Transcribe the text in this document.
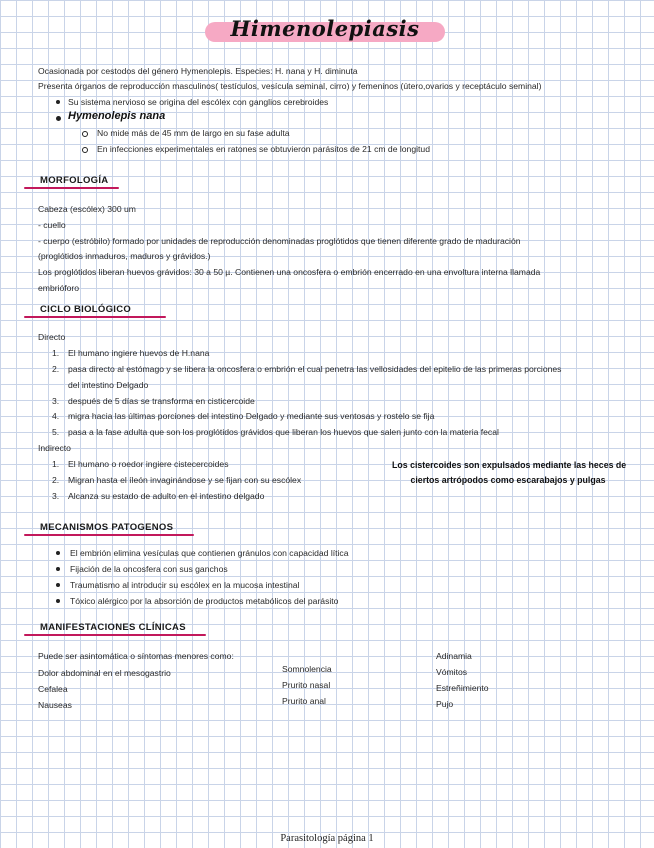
Himenolepiasis
Ocasionada por cestodos del género Hymenolepis. Especies: H. nana y H. diminuta
Presenta órganos de reproducción masculinos( testículos, vesícula seminal, cirro) y femeninos (útero,ovarios y receptáculo seminal)
Su sistema nervioso se origina del escólex con ganglios cerebroides
Hymenolepis nana
No mide más de 45 mm de largo en su fase adulta
En infecciones experimentales en ratones se obtuvieron parásitos de 21 cm de longitud
MORFOLOGÍA
Cabeza (escólex) 300 um
- cuello
- cuerpo (estróbilo) formado por unidades de reproducción denominadas proglótidos que tienen diferente grado de maduración
(proglótidos inmaduros, maduros y grávidos.)
Los proglótidos liberan huevos grávidos: 30 a 50 µ. Contienen una oncosfera o embrión encerrado en una envoltura interna llamada
embrióforo
CICLO BIOLÓGICO
Directo
1. El humano ingiere huevos de H.nana
2. pasa directo al estómago y se libera la oncosfera o embrión el cual penetra las vellosidades del epitelio de las primeras porciones
del intestino Delgado
3. después de 5 días se transforma en cisticercoide
4. migra hacia las últimas porciones del intestino Delgado y mediante sus ventosas y rostelo se fija
5. pasa a la fase adulta que son los proglótidos grávidos que liberan los huevos que salen junto con la materia fecal
Indirecto
1. El humano o roedor ingiere cistecercoides
2. Migran hasta el íleón invaginándose y se fijan con su escólex
3. Alcanza su estado de adulto en el intestino delgado
Los cistercoides son expulsados mediante las heces de
ciertos artrópodos como escarabajos y pulgas
MECANISMOS PATOGENOS
El embrión elimina vesículas que contienen gránulos con capacidad lítica
Fijación de la oncosfera con sus ganchos
Traumatismo al introducir su escólex en la mucosa intestinal
Tóxico alérgico por la absorción de productos metabólicos del parásito
MANIFESTACIONES CLÍNICAS
Puede ser asintomática o síntomas menores como:
Dolor abdominal en el mesogastrio
Cefalea
Nauseas
Somnolencia
Prurito nasal
Prurito anal
Adinamia
Vómitos
Estreñimiento
Pujo
Parasitología página 1
